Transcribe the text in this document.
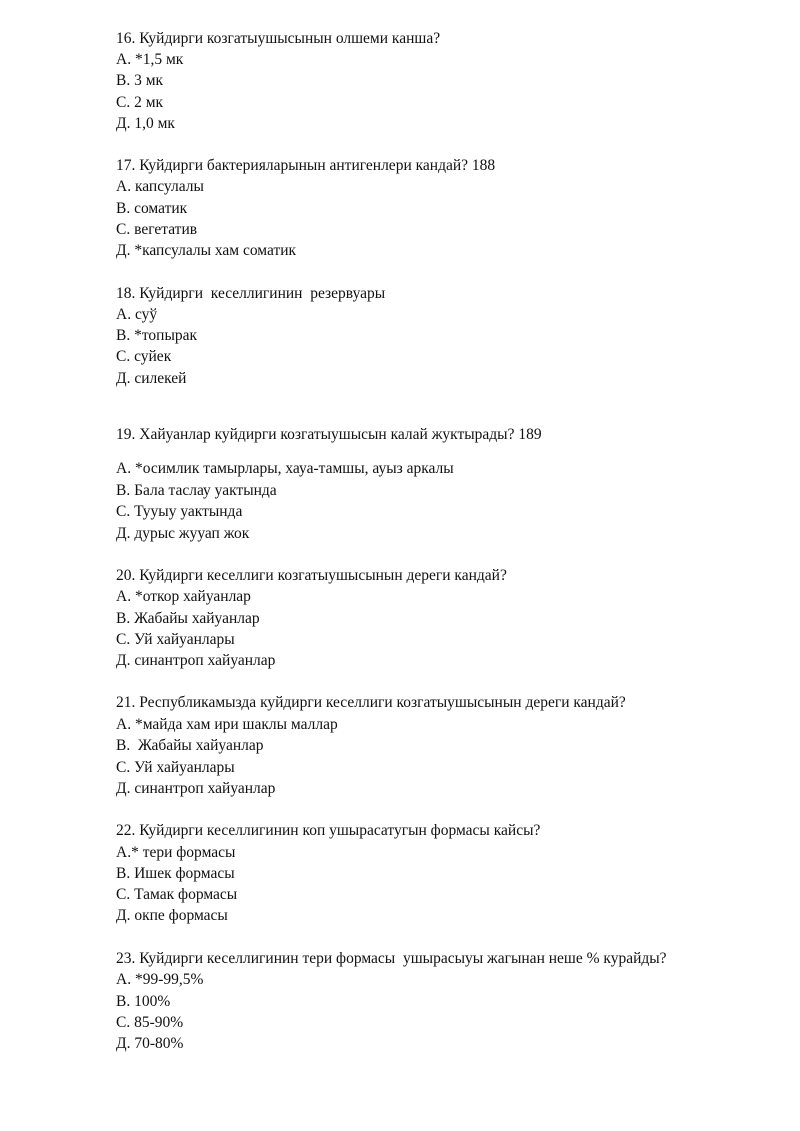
16. Куйдирги козгатыушысынын олшеми канша?
А. *1,5 мк
В. 3 мк
С. 2 мк
Д. 1,0 мк
17. Куйдирги бактерияларынын антигенлери кандай? 188
А. капсулалы
В. соматик
С. вегетатив
Д. *капсулалы хам соматик
18. Куйдирги  кеселлигинин  резервуары
А. суў
В. *топырак
С. суйек
Д. силекей
19. Хайуанлар куйдирги козгатыушысын калай жуктырады? 189
А. *осимлик тамырлары, хауа-тамшы, ауыз аркалы
В. Бала таслау уактында
С. Тууыу уактында
Д. дурыс жууап жок
20. Куйдирги кеселлиги козгатыушысынын дереги кандай?
А. *откор хайуанлар
В. Жабайы хайуанлар
С. Уй хайуанлары
Д. синантроп хайуанлар
21. Республикамызда куйдирги кеселлиги козгатыушысынын дереги кандай?
А. *майда хам ири шаклы маллар
В.  Жабайы хайуанлар
С. Уй хайуанлары
Д. синантроп хайуанлар
22. Куйдирги кеселлигинин коп ушырасатугын формасы кайсы?
А.* тери формасы
В. Ишек формасы
С. Тамак формасы
Д. окпе формасы
23. Куйдирги кеселлигинин тери формасы  ушырасыуы жагынан неше % курайды?
А. *99-99,5%
В. 100%
С. 85-90%
Д. 70-80%
